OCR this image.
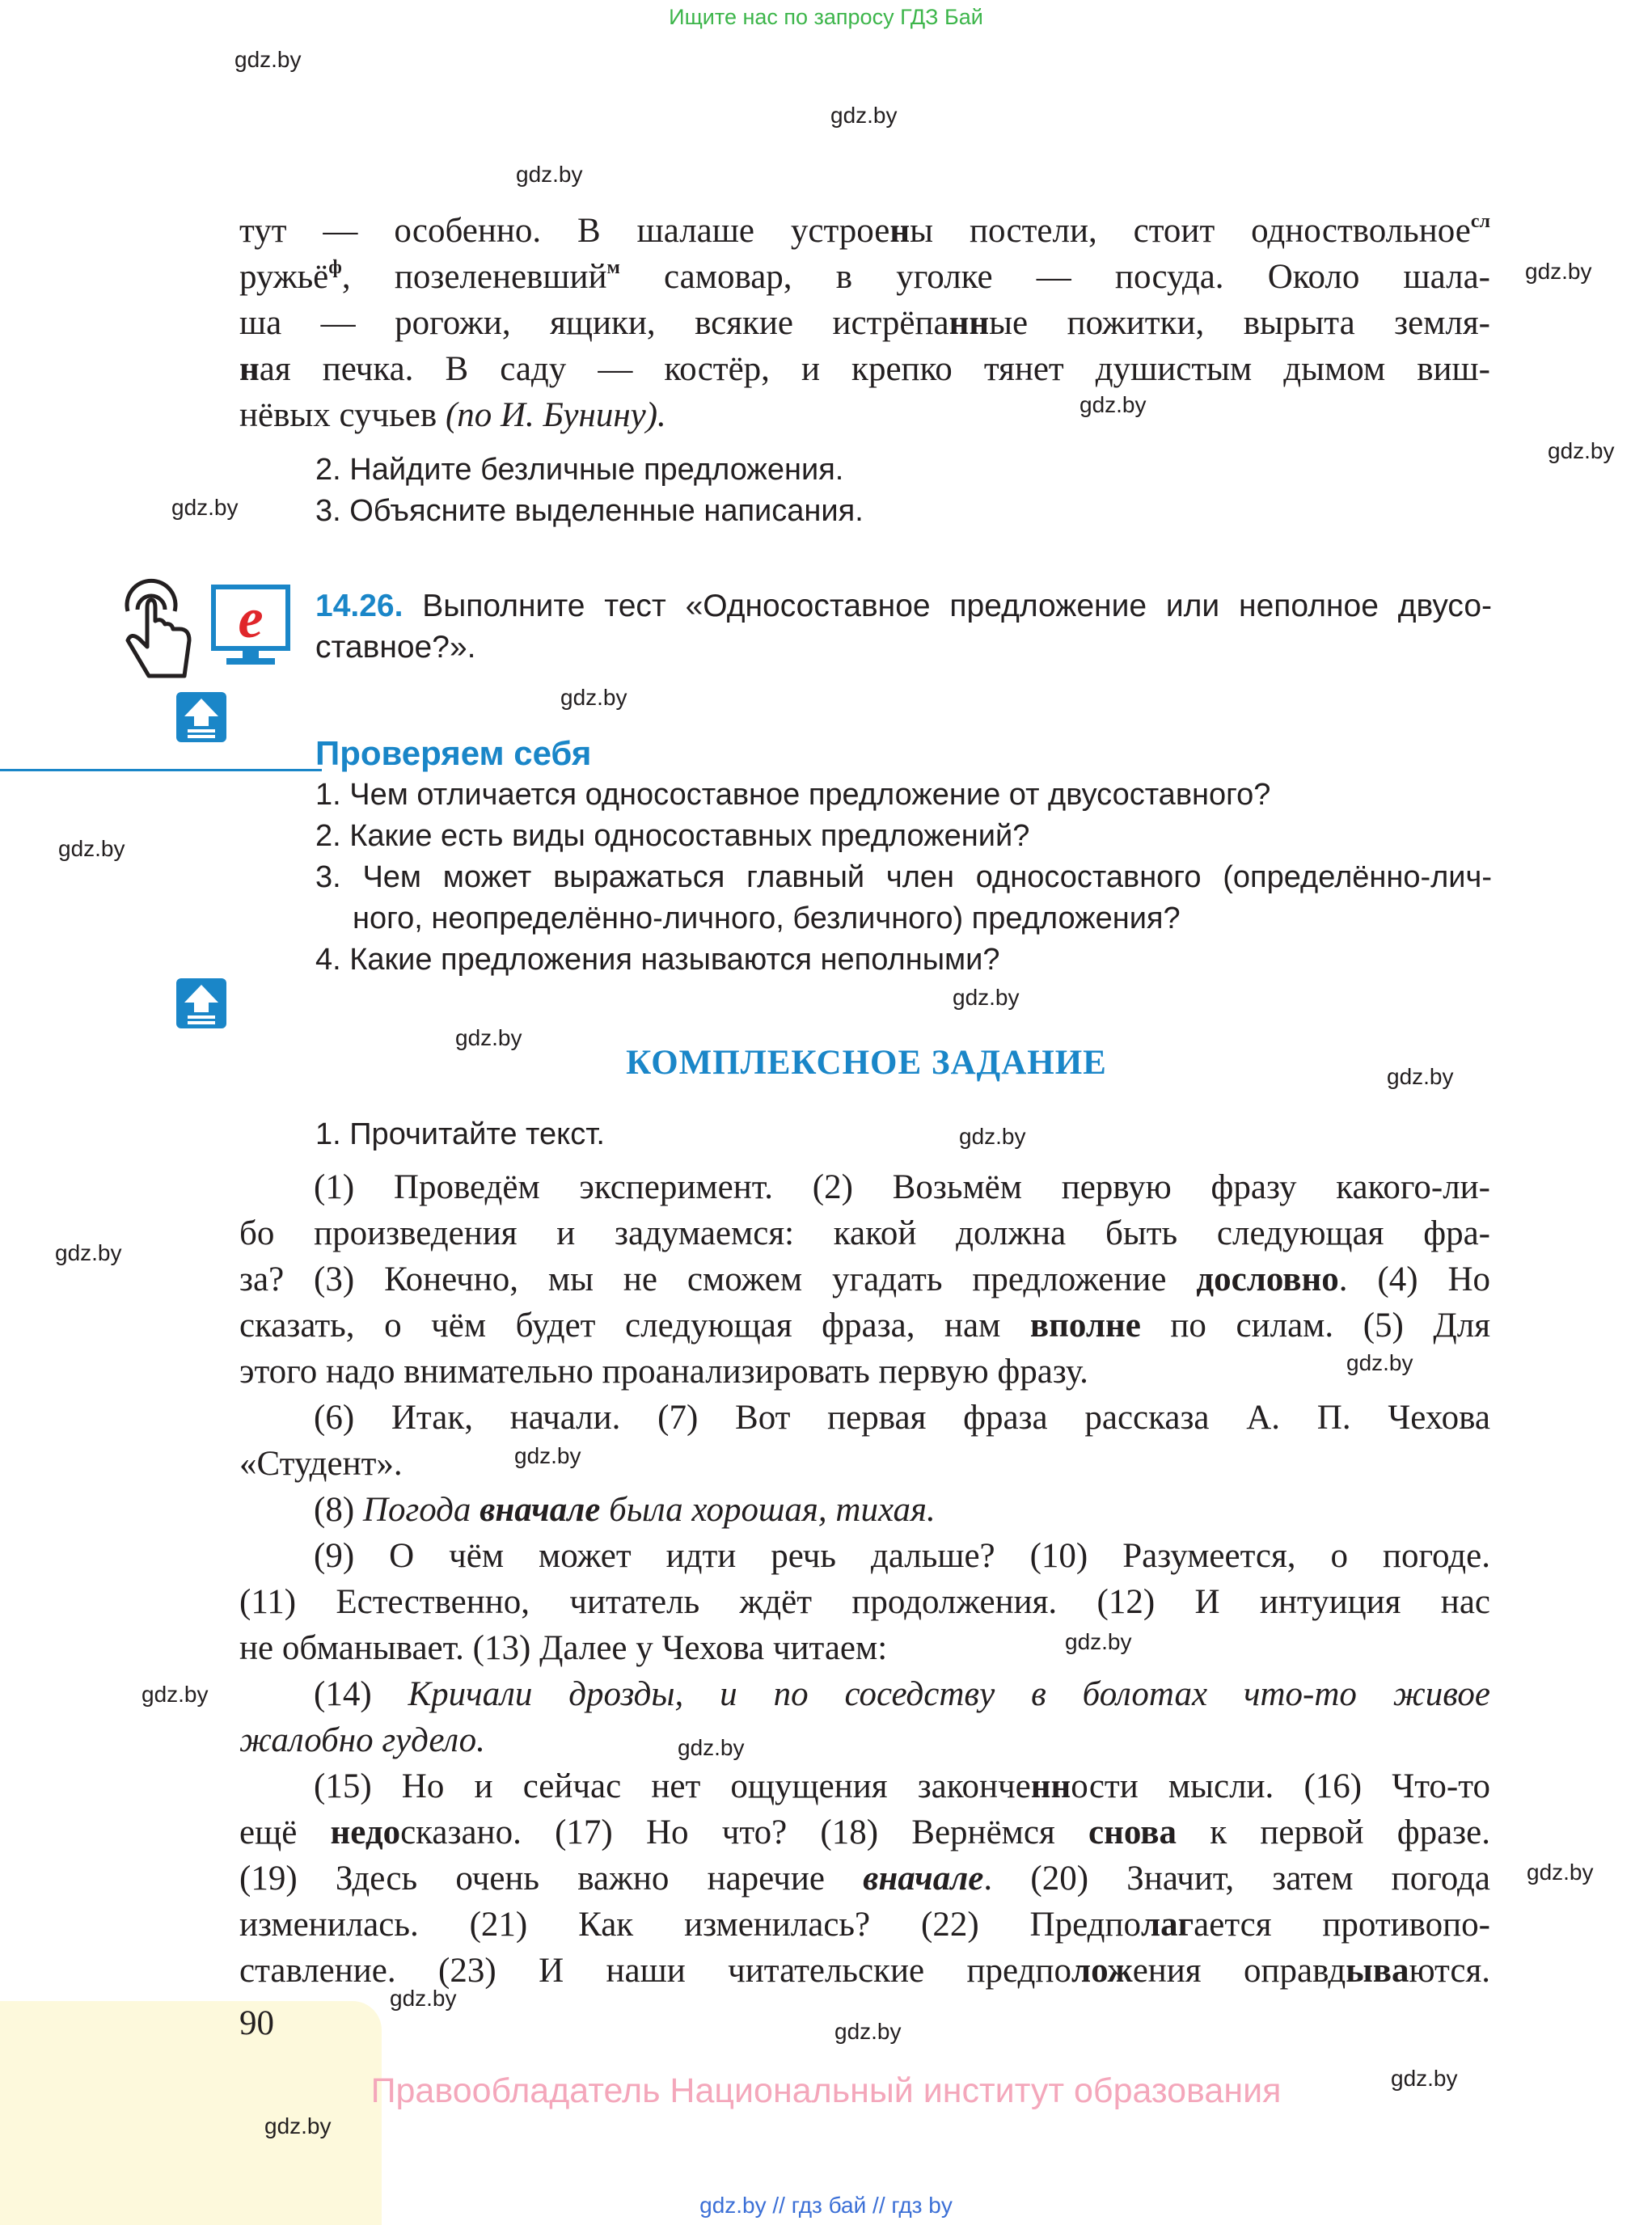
Ищите нас по запросу ГДЗ Бай
тут — особенно. В шалаше устроены постели, стоит одноствольное$^{сл}$
ружьё$^ф$, позеленевший$^м$ самовар, в уголке — посуда. Около шала-
ша — рогожи, ящики, всякие истрёпанные пожитки, вырыта земля-
ная печка. В саду — костёр, и крепко тянет душистым дымом виш-
нёвых сучьев (по И. Бунину).
2. Найдите безличные предложения.
3. Объясните выделенные написания.
e 14.26. Выполните тест «Односоставное предложение или неполное двусо-
ставное?».
Проверяем себя
1. Чем отличается односоставное предложение от двусоставного?
2. Какие есть виды односоставных предложений?
3. Чем может выражаться главный член односоставного (определённо-лич-
ного, неопределённо-личного, безличного) предложения?
4. Какие предложения называются неполными?
КОМПЛЕКСНОЕ ЗАДАНИЕ
1. Прочитайте текст.
(1) Проведём эксперимент. (2) Возьмём первую фразу какого-ли-
бо произведения и задумаемся: какой должна быть следующая фра-
за? (3) Конечно, мы не сможем угадать предложение дословно. (4) Но
сказать, о чём будет следующая фраза, нам вполне по силам. (5) Для
этого надо внимательно проанализировать первую фразу.
(6) Итак, начали. (7) Вот первая фраза рассказа А. П. Чехова
«Студент».
(8) Погода вначале была хорошая, тихая.
(9) О чём может идти речь дальше? (10) Разумеется, о погоде.
(11) Естественно, читатель ждёт продолжения. (12) И интуиция нас
не обманывает. (13) Далее у Чехова читаем:
(14) Кричали дрозды, и по соседству в болотах что-то живое
жалобно гудело.
(15) Но и сейчас нет ощущения законченности мысли. (16) Что-то
ещё недосказано. (17) Но что? (18) Вернёмся снова к первой фразе.
(19) Здесь очень важно наречие вначале. (20) Значит, затем погода
изменилась. (21) Как изменилась? (22) Предполагается противопо-
ставление. (23) И наши читательские предположения оправдываются.
gdz.by
gdz.by
gdz.by
gdz.by
gdz.by
gdz.by
gdz.by
gdz.by
gdz.by
gdz.by
gdz.by
gdz.by
gdz.by
gdz.by
gdz.by
gdz.by
gdz.by
gdz.by
gdz.by
gdz.by
90
gdz.by
gdz.by
gdz.by
gdz.by
Правообладатель Национальный институт образования
gdz.by // гдз бай // гдз by
